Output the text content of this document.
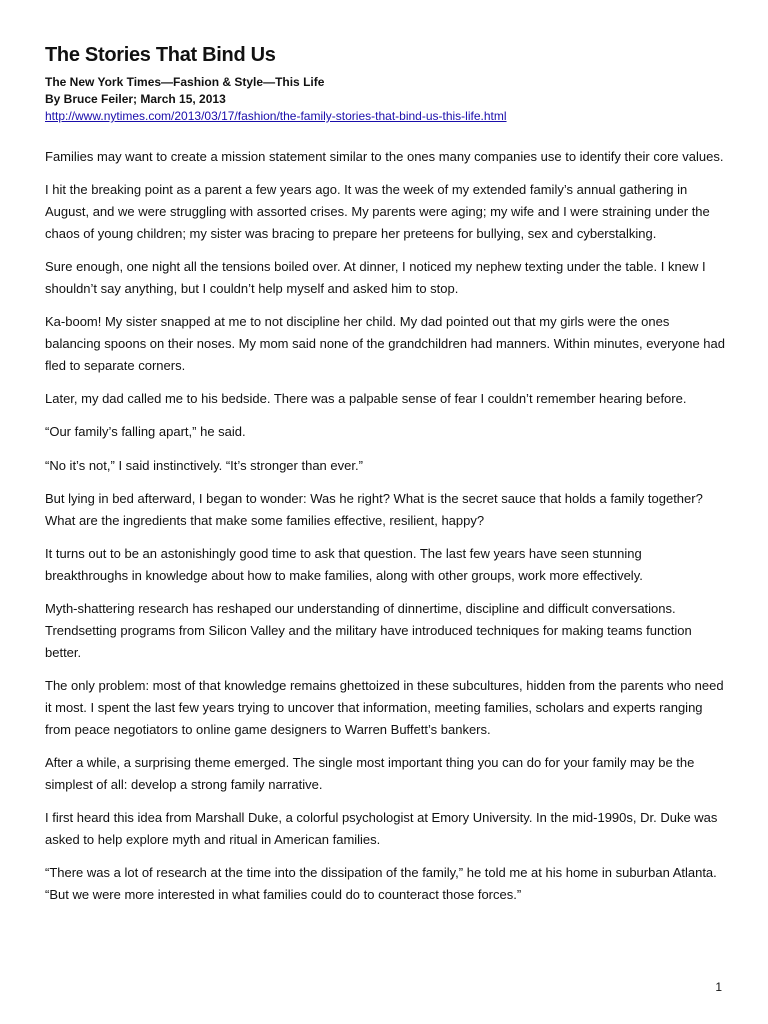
The Stories That Bind Us

The New York Times—Fashion & Style—This Life

By Bruce Feiler; March 15, 2013

http://www.nytimes.com/2013/03/17/fashion/the-family-stories-that-bind-us-this-life.html

Families may want to create a mission statement similar to the ones many companies use to identify their core values.

I hit the breaking point as a parent a few years ago. It was the week of my extended family’s annual gathering in August, and we were struggling with assorted crises. My parents were aging; my wife and I were straining under the chaos of young children; my sister was bracing to prepare her preteens for bullying, sex and cyberstalking.

Sure enough, one night all the tensions boiled over. At dinner, I noticed my nephew texting under the table. I knew I shouldn’t say anything, but I couldn’t help myself and asked him to stop.

Ka-boom! My sister snapped at me to not discipline her child. My dad pointed out that my girls were the ones balancing spoons on their noses. My mom said none of the grandchildren had manners. Within minutes, everyone had fled to separate corners.

Later, my dad called me to his bedside. There was a palpable sense of fear I couldn’t remember hearing before.

“Our family’s falling apart,” he said.

“No it’s not,” I said instinctively. “It’s stronger than ever.”

But lying in bed afterward, I began to wonder: Was he right? What is the secret sauce that holds a family together? What are the ingredients that make some families effective, resilient, happy?

It turns out to be an astonishingly good time to ask that question. The last few years have seen stunning breakthroughs in knowledge about how to make families, along with other groups, work more effectively.

Myth-shattering research has reshaped our understanding of dinnertime, discipline and difficult conversations. Trendsetting programs from Silicon Valley and the military have introduced techniques for making teams function better.

The only problem: most of that knowledge remains ghettoized in these subcultures, hidden from the parents who need it most. I spent the last few years trying to uncover that information, meeting families, scholars and experts ranging from peace negotiators to online game designers to Warren Buffett’s bankers.

After a while, a surprising theme emerged. The single most important thing you can do for your family may be the simplest of all: develop a strong family narrative.

I first heard this idea from Marshall Duke, a colorful psychologist at Emory University. In the mid-1990s, Dr. Duke was asked to help explore myth and ritual in American families.

“There was a lot of research at the time into the dissipation of the family,” he told me at his home in suburban Atlanta. “But we were more interested in what families could do to counteract those forces.”

1
